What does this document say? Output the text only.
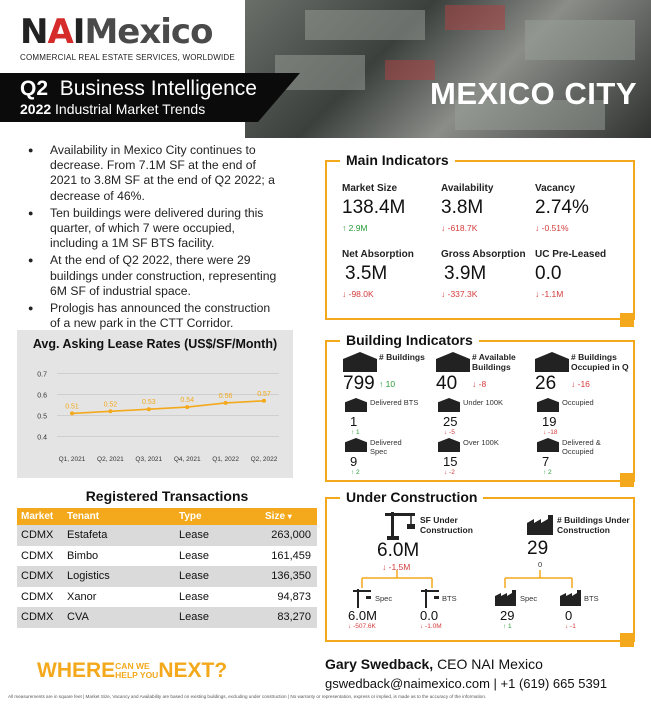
NAIMexico
COMMERCIAL REAL ESTATE SERVICES, WORLDWIDE
Q2 Business Intelligence
2022 Industrial Market Trends	MEXICO CITY
● Availability in Mexico City continues to decrease. From 7.1M SF at the end of 2021 to 3.8M SF at the end of Q2 2022; a decrease of 46%.
● Ten buildings were delivered during this quarter, of which 7 were occupied, including a 1M SF BTS facility.
● At the end of Q2 2022, there were 29 buildings under construction, representing 6M SF of industrial space.
● Prologis has announced the construction of a new park in the CTT Corridor.
Avg. Asking Lease Rates (US$/SF/Month)
0.4
0.5
0.6
0.7
0.51	0.52	0.53	0.54
0.56	0.57
Q1, 2021 Q2, 2021 Q3, 2021 Q4, 2021 Q1, 2022 Q2, 2022
Registered Transactions
Market	Tenant	Type	Size ▾
CDMX	Estafeta	Lease	263,000
CDMX	Bimbo	Lease	161,459
CDMX	Logistics	Lease	136,350
CDMX	Xanor	Lease	94,873
CDMX	CVA	Lease	83,270
Main Indicators
Market Size
138.4M
↑ 2.9M
Availability
3.8M
↓ -618.7K
Vacancy
2.74%
↓ -0.51%
Net Absorption
3.5M
↓ -98.0K
Gross Absorption
3.9M
↓ -337.3K
UC Pre-Leased
0.0
↓ -1.1M
Building Indicators
# Buildings
799 ↑ 10
# Available Buildings
40 ↓ -8
# Buildings Occupied in Q
26 ↓ -16
Delivered BTS
1
↑ 1
Under 100K
25
↓ -5
Occupied
19
↓ -18
Delivered Spec
9
↑ 2
Over 100K
15
↓ -2
Delivered & Occupied
7
↑ 2
Under Construction
SF Under Construction
6.0M
↓ -1.5M
# Buildings Under Construction
29
0
Spec
6.0M
↓ -507.6K
BTS
0.0
↓ -1.0M
Spec
29
↑ 1
BTS
0
↓ -1
WHERE CAN WE
HELP YOU NEXT?	Gary Swedback, CEO NAI Mexico
gswedback@naimexico.com | +1 (619) 665 5391
All measurements are in square feet | Market Size, Vacancy and Availability are based on existing buildings, excluding under construction | No warranty or representation, express or implied, is made as to the accuracy of the information.
